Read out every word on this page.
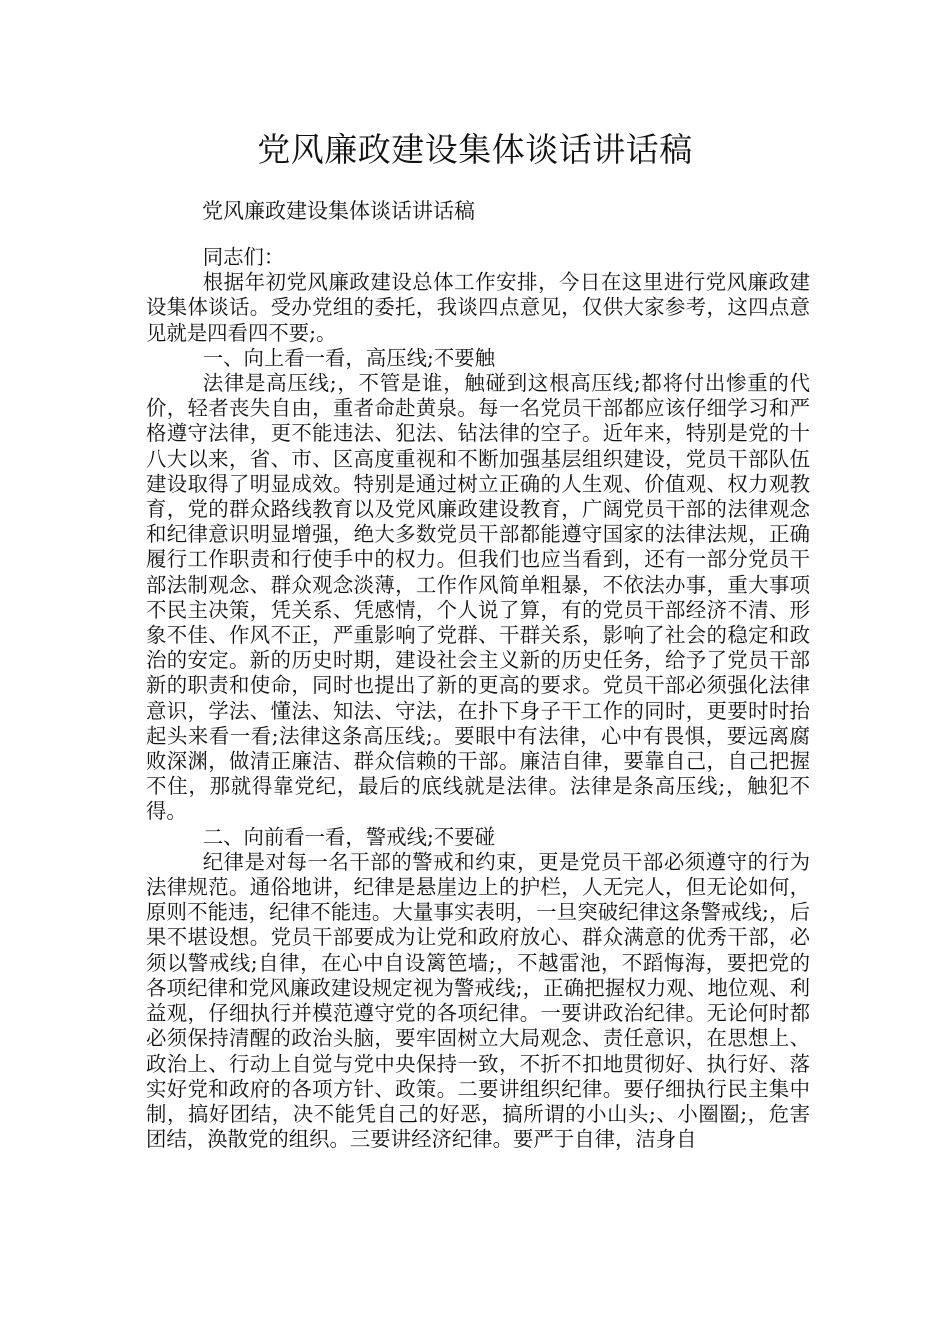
党风廉政建设集体谈话讲话稿
党风廉政建设集体谈话讲话稿

同志们：

根据年初党风廉政建设总体工作安排，今日在这里进行党风廉政建设集体谈话。受办党组的委托，我谈四点意见，仅供大家参考，这四点意见就是四看四不要;。

一、向上看一看，高压线;不要触

法律是高压线;，不管是谁，触碰到这根高压线;都将付出惨重的代价，轻者丧失自由，重者命赴黄泉。每一名党员干部都应该仔细学习和严格遵守法律，更不能违法、犯法、钻法律的空子。近年来，特别是党的十八大以来，省、市、区高度重视和不断加强基层组织建设，党员干部队伍建设取得了明显成效。特别是通过树立正确的人生观、价值观、权力观教育，党的群众路线教育以及党风廉政建设教育，广阔党员干部的法律观念和纪律意识明显增强，绝大多数党员干部都能遵守国家的法律法规，正确履行工作职责和行使手中的权力。但我们也应当看到，还有一部分党员干部法制观念、群众观念淡薄，工作作风简单粗暴，不依法办事，重大事项不民主决策，凭关系、凭感情，个人说了算，有的党员干部经济不清、形象不佳、作风不正，严重影响了党群、干群关系，影响了社会的稳定和政治的安定。新的历史时期，建设社会主义新的历史任务，给予了党员干部新的职责和使命，同时也提出了新的更高的要求。党员干部必须强化法律意识，学法、懂法、知法、守法，在扑下身子干工作的同时，更要时时抬起头来看一看;法律这条高压线;。要眼中有法律，心中有畏惧，要远离腐败深渊，做清正廉洁、群众信赖的干部。廉洁自律，要靠自己，自己把握不住，那就得靠党纪，最后的底线就是法律。法律是条高压线;，触犯不得。

二、向前看一看，警戒线;不要碰

纪律是对每一名干部的警戒和约束，更是党员干部必须遵守的行为法律规范。通俗地讲，纪律是悬崖边上的护栏，人无完人，但无论如何，原则不能违，纪律不能违。大量事实表明，一旦突破纪律这条警戒线;，后果不堪设想。党员干部要成为让党和政府放心、群众满意的优秀干部，必须以警戒线;自律，在心中自设篱笆墙;，不越雷池，不蹈悔海，要把党的各项纪律和党风廉政建设规定视为警戒线;，正确把握权力观、地位观、利益观，仔细执行并模范遵守党的各项纪律。一要讲政治纪律。无论何时都必须保持清醒的政治头脑，要牢固树立大局观念、责任意识，在思想上、政治上、行动上自觉与党中央保持一致，不折不扣地贯彻好、执行好、落实好党和政府的各项方针、政策。二要讲组织纪律。要仔细执行民主集中制，搞好团结，决不能凭自己的好恶，搞所谓的小山头;、小圈圈;，危害团结，涣散党的组织。三要讲经济纪律。要严于自律，洁身自
